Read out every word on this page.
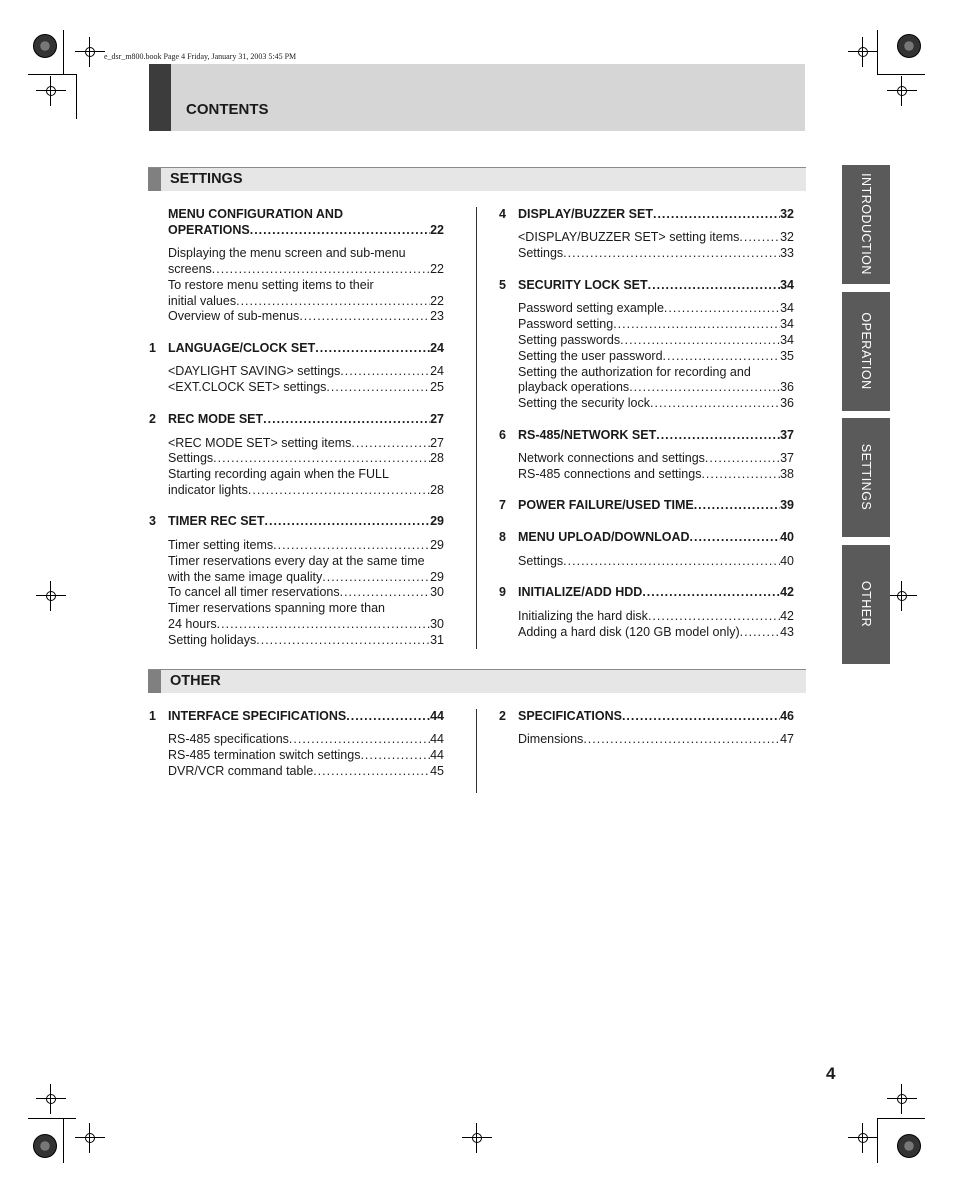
e_dsr_m800.book Page 4 Friday, January 31, 2003 5:45 PM
CONTENTS
INTRODUCTION
OPERATION
SETTINGS
OTHER
SETTINGS
MENU CONFIGURATION AND
OPERATIONS .....	22
Displaying the menu screen and sub-menu
screens .....	22
To restore menu setting items to their
initial values .....	22
Overview of sub-menus .....	23
1 LANGUAGE/CLOCK SET .....	24
<DAYLIGHT SAVING> settings .....	24
<EXT.CLOCK SET> settings .....	25
2 REC MODE SET .....	27
<REC MODE SET> setting items .....	27
Settings .....	28
Starting recording again when the FULL
indicator lights .....	28
3 TIMER REC SET .....	29
Timer setting items .....	29
Timer reservations every day at the same time
with the same image quality .....	29
To cancel all timer reservations .....	30
Timer reservations spanning more than
24 hours .....	30
Setting holidays .....	31
4 DISPLAY/BUZZER SET .....	32
<DISPLAY/BUZZER SET> setting items .....	32
Settings .....	33
5 SECURITY LOCK SET .....	34
Password setting example .....	34
Password setting .....	34
Setting passwords .....	34
Setting the user password .....	35
Setting the authorization for recording and
playback operations .....	36
Setting the security lock .....	36
6 RS-485/NETWORK SET .....	37
Network connections and settings .....	37
RS-485 connections and settings .....	38
7 POWER FAILURE/USED TIME .....	39
8 MENU UPLOAD/DOWNLOAD .....	40
Settings .....	40
9 INITIALIZE/ADD HDD .....	42
Initializing the hard disk .....	42
Adding a hard disk (120 GB model only) .....	43
OTHER
1 INTERFACE SPECIFICATIONS .....	44
RS-485 specifications .....	44
RS-485 termination switch settings .....	44
DVR/VCR command table .....	45
2 SPECIFICATIONS .....	46
Dimensions .....	47
4
